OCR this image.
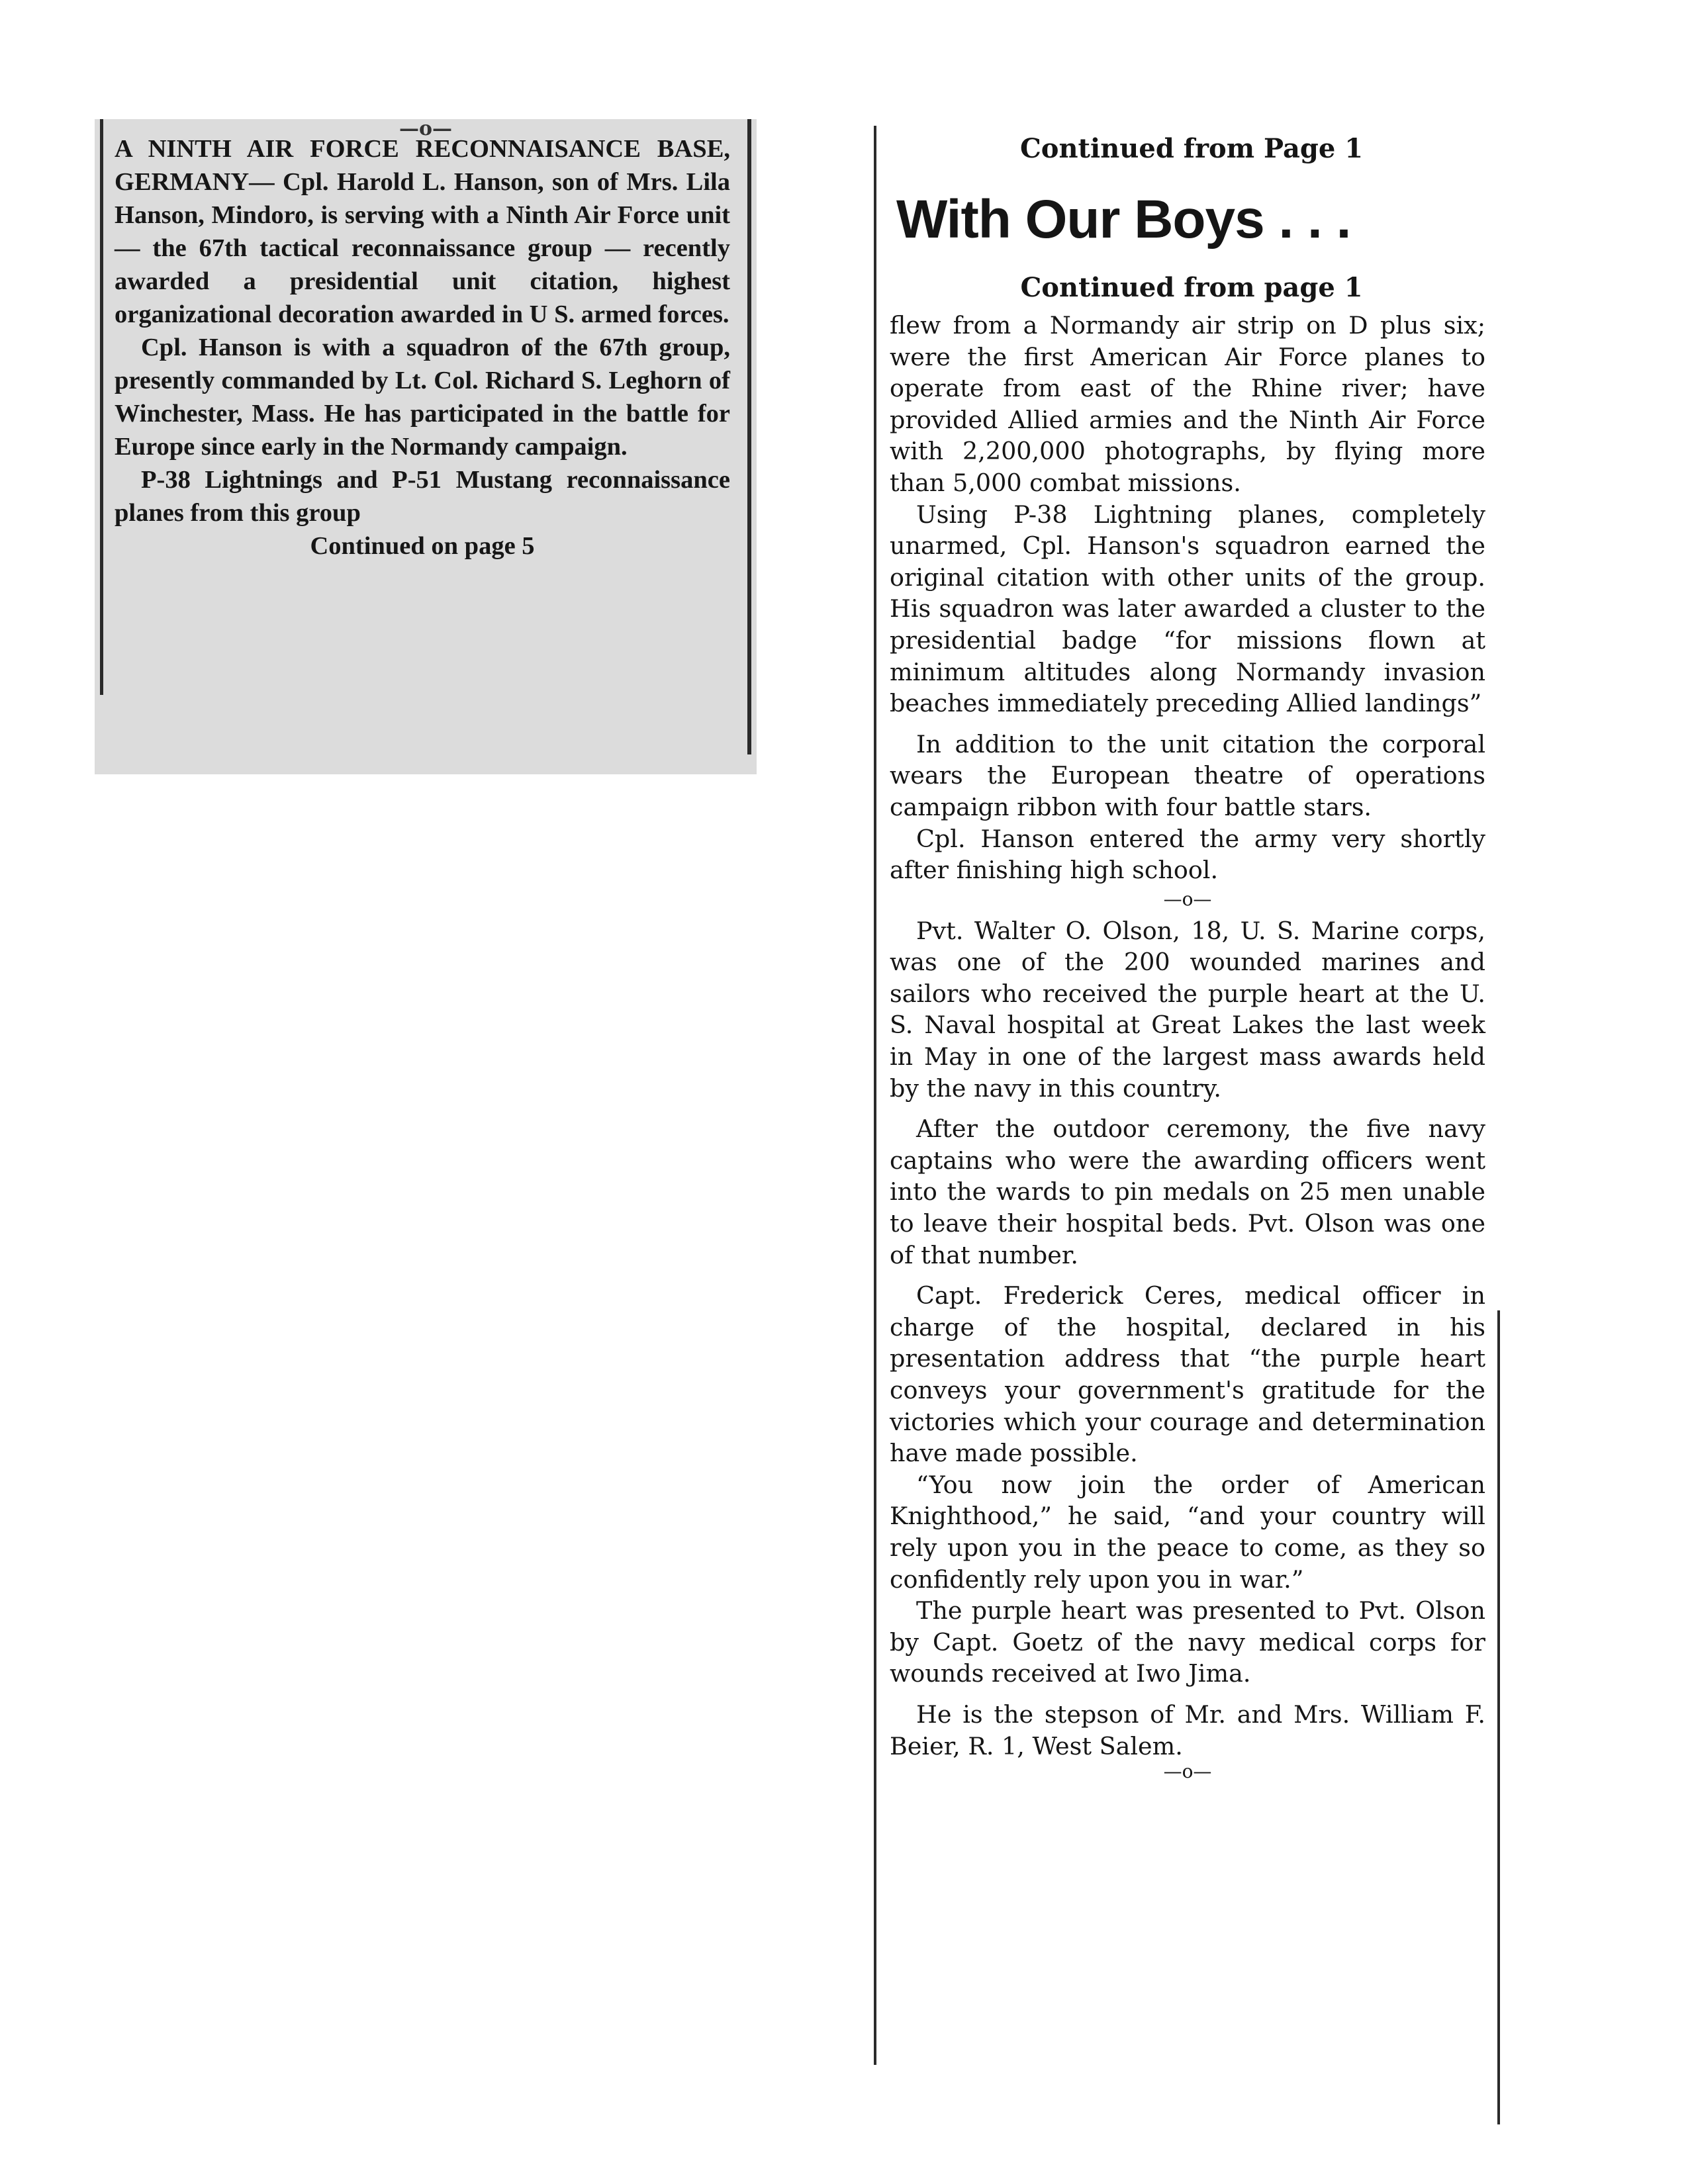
—o—

A NINTH AIR FORCE RECONNAISANCE BASE, GERMANY— Cpl. Harold L. Hanson, son of Mrs. Lila Hanson, Mindoro, is serving with a Ninth Air Force unit — the 67th tactical reconnaissance group — recently awarded a presidential unit citation, highest organizational decoration awarded in U S. armed forces.

Cpl. Hanson is with a squadron of the 67th group, presently commanded by Lt. Col. Richard S. Leghorn of Winchester, Mass. He has participated in the battle for Europe since early in the Normandy campaign.

P-38 Lightnings and P-51 Mustang reconnaissance planes from this group

Continued on page 5

Continued from Page 1
With Our Boys . . .
Continued from page 1

flew from a Normandy air strip on D plus six; were the first American Air Force planes to operate from east of the Rhine river; have provided Allied armies and the Ninth Air Force with 2,200,000 photographs, by flying more than 5,000 combat missions.

Using P-38 Lightning planes, completely unarmed, Cpl. Hanson's squadron earned the original citation with other units of the group. His squadron was later awarded a cluster to the presidential badge “for missions flown at minimum altitudes along Normandy invasion beaches immediately preceding Allied landings”

In addition to the unit citation the corporal wears the European theatre of operations campaign ribbon with four battle stars.

Cpl. Hanson entered the army very shortly after finishing high school.

—o—

Pvt. Walter O. Olson, 18, U. S. Marine corps, was one of the 200 wounded marines and sailors who received the purple heart at the U. S. Naval hospital at Great Lakes the last week in May in one of the largest mass awards held by the navy in this country.

After the outdoor ceremony, the five navy captains who were the awarding officers went into the wards to pin medals on 25 men unable to leave their hospital beds. Pvt. Olson was one of that number.

Capt. Frederick Ceres, medical officer in charge of the hospital, declared in his presentation address that “the purple heart conveys your government's gratitude for the victories which your courage and determination have made possible.

“You now join the order of American Knighthood,” he said, “and your country will rely upon you in the peace to come, as they so confidently rely upon you in war.”

The purple heart was presented to Pvt. Olson by Capt. Goetz of the navy medical corps for wounds received at Iwo Jima.

He is the stepson of Mr. and Mrs. William F. Beier, R. 1, West Salem.

—o—
